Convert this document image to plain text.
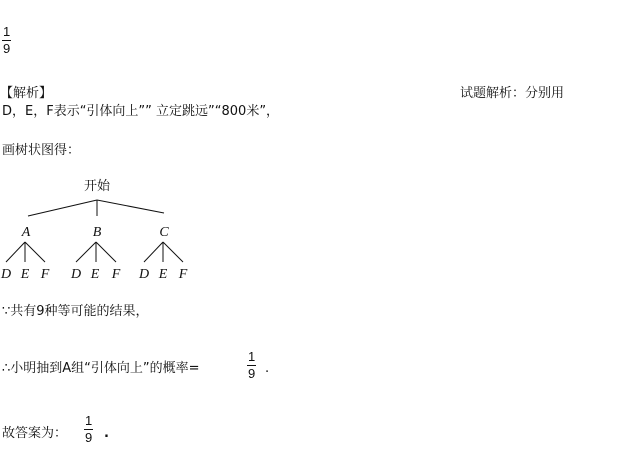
1
9
【解析】	试题解析：分别用
D，E，F表示“引体向上”” 立定跳远”“800米”，
画树状图得：
开始
A	B	C
D E F D E F D E F
∵共有9种等可能的结果，
∴小明抽到A组“引体向上”的概率=
1
9 .
故答案为：
1
9 .
